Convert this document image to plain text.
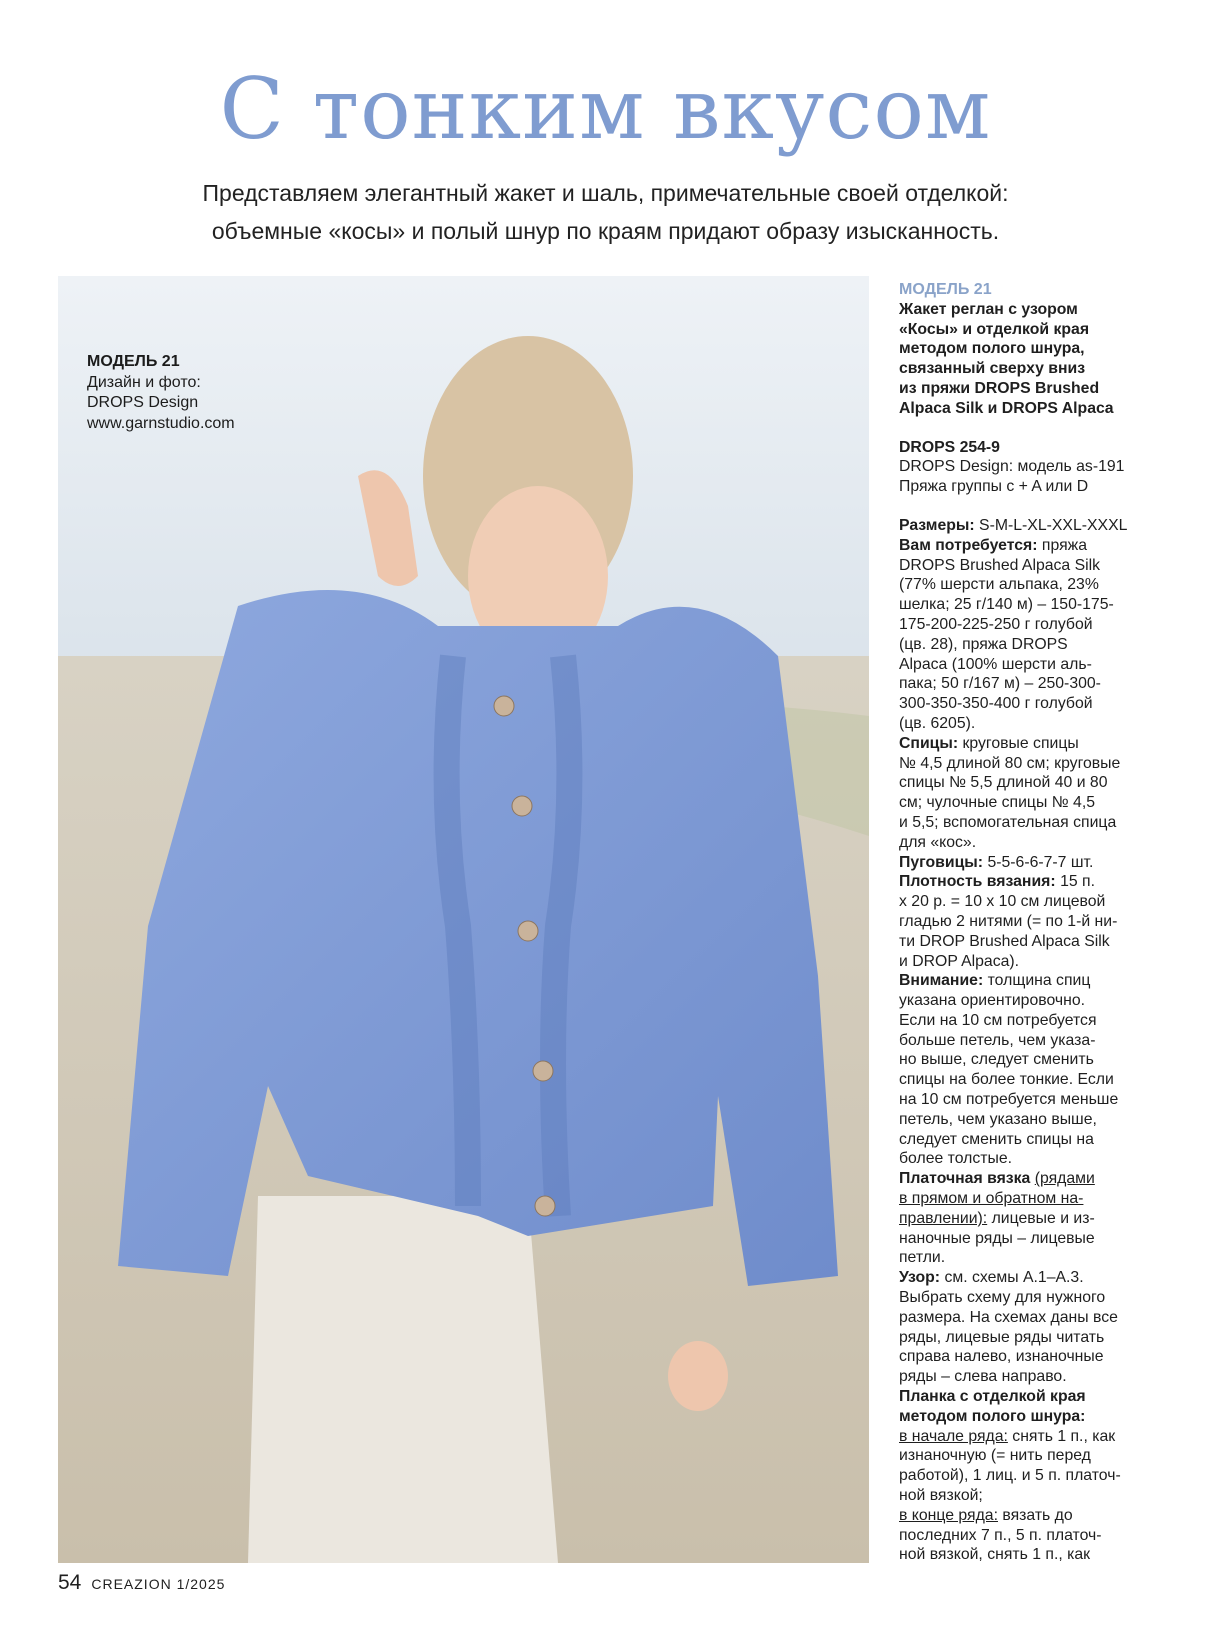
С тонким вкусом
Представляем элегантный жакет и шаль, примечательные своей отделкой:
объемные «косы» и полый шнур по краям придают образу изысканность.
МОДЕЛЬ 21
Дизайн и фото:
DROPS Design
www.garnstudio.com
МОДЕЛЬ 21
Жакет реглан с узором
«Косы» и отделкой края
методом полого шнура,
связанный сверху вниз
из пряжи DROPS Brushed
Alpaca Silk и DROPS Alpaca
DROPS 254-9
DROPS Design: модель as-191
Пряжа группы c + A или D
Размеры: S-M-L-XL-XXL-XXXL
Вам потребуется: пряжа
DROPS Brushed Alpaca Silk
(77% шерсти альпака, 23%
шелка; 25 г/140 м) – 150-175-
175-200-225-250 г голубой
(цв. 28), пряжа DROPS
Alpaca (100% шерсти аль-
пака; 50 г/167 м) – 250-300-
300-350-350-400 г голубой
(цв. 6205).
Спицы: круговые спицы
№ 4,5 длиной 80 см; круговые
спицы № 5,5 длиной 40 и 80
см; чулочные спицы № 4,5
и 5,5; вспомогательная спица
для «кос».
Пуговицы: 5-5-6-6-7-7 шт.
Плотность вязания: 15 п.
х 20 р. = 10 х 10 см лицевой
гладью 2 нитями (= по 1-й ни-
ти DROP Brushed Alpaca Silk
и DROP Alpaca).
Внимание: толщина спиц
указана ориентировочно.
Если на 10 см потребуется
больше петель, чем указа-
но выше, следует сменить
спицы на более тонкие. Если
на 10 см потребуется меньше
петель, чем указано выше,
следует сменить спицы на
более толстые.
Платочная вязка (рядами
в прямом и обратном на-
правлении): лицевые и из-
наночные ряды – лицевые
петли.
Узор: см. схемы А.1–А.3.
Выбрать схему для нужного
размера. На схемах даны все
ряды, лицевые ряды читать
справа налево, изнаночные
ряды – слева направо.
Планка с отделкой края
методом полого шнура:
в начале ряда: снять 1 п., как
изнаночную (= нить перед
работой), 1 лиц. и 5 п. платоч-
ной вязкой;
в конце ряда: вязать до
последних 7 п., 5 п. платоч-
ной вязкой, снять 1 п., как
54 CREAZION 1/2025
